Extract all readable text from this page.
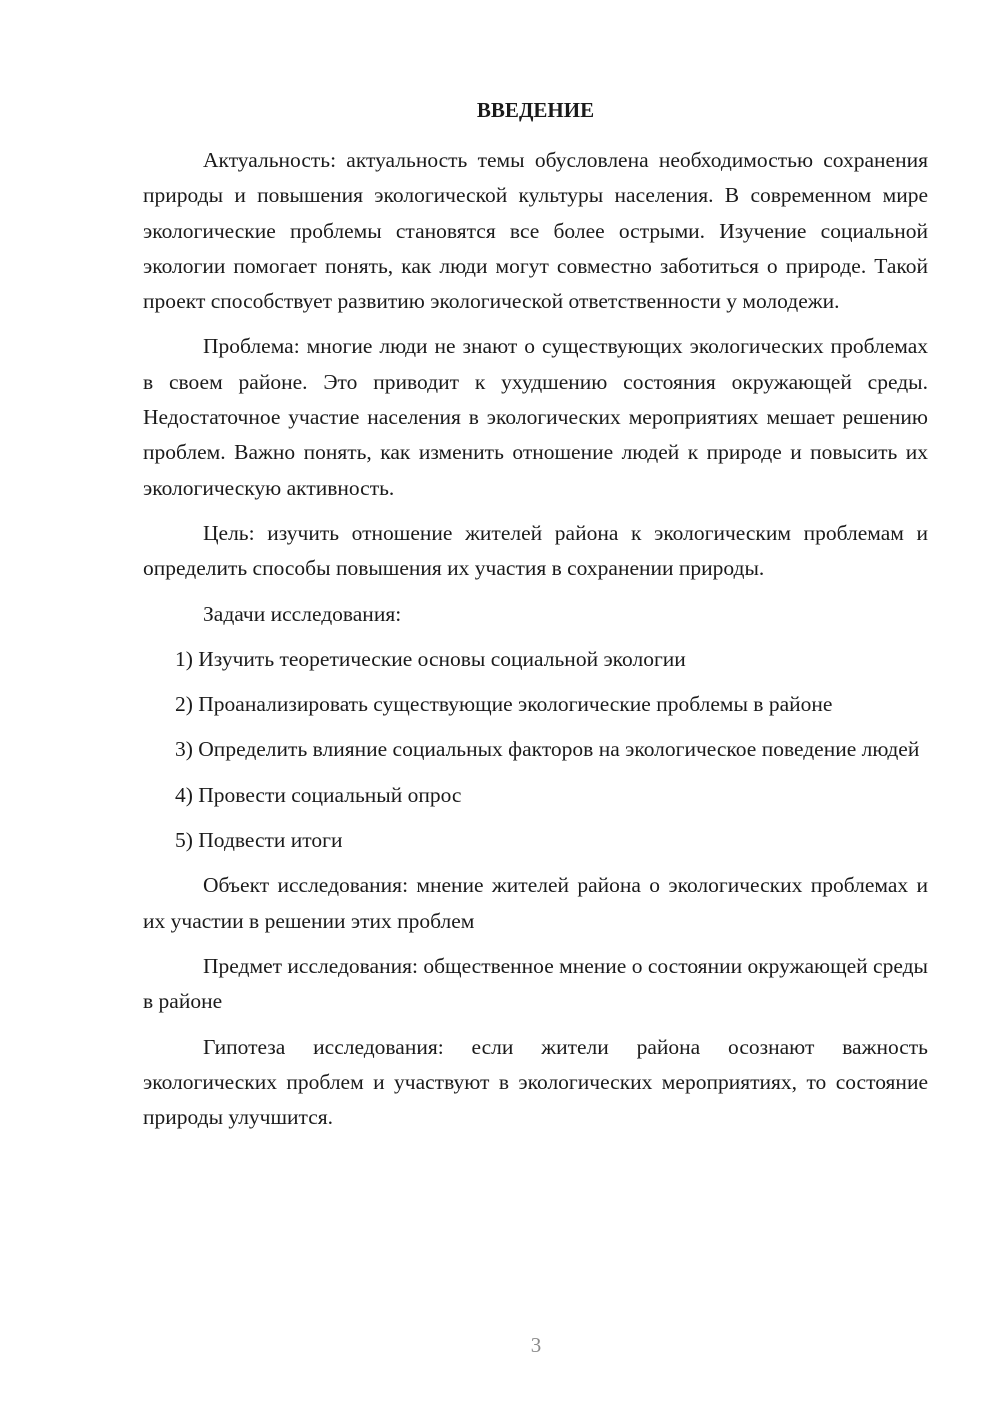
ВВЕДЕНИЕ

Актуальность: актуальность темы обусловлена необходимостью сохранения природы и повышения экологической культуры населения. В современном мире экологические проблемы становятся все более острыми. Изучение социальной экологии помогает понять, как люди могут совместно заботиться о природе. Такой проект способствует развитию экологической ответственности у молодежи.

Проблема: многие люди не знают о существующих экологических проблемах в своем районе. Это приводит к ухудшению состояния окружающей среды. Недостаточное участие населения в экологических мероприятиях мешает решению проблем. Важно понять, как изменить отношение людей к природе и повысить их экологическую активность.

Цель: изучить отношение жителей района к экологическим проблемам и определить способы повышения их участия в сохранении природы.

Задачи исследования:

1) Изучить теоретические основы социальной экологии

2) Проанализировать существующие экологические проблемы в районе

3) Определить влияние социальных факторов на экологическое поведение людей

4) Провести социальный опрос

5) Подвести итоги

Объект исследования: мнение жителей района о экологических проблемах и их участии в решении этих проблем

Предмет исследования: общественное мнение о состоянии окружающей среды в районе

Гипотеза исследования: если жители района осознают важность экологических проблем и участвуют в экологических мероприятиях, то состояние природы улучшится.

3
